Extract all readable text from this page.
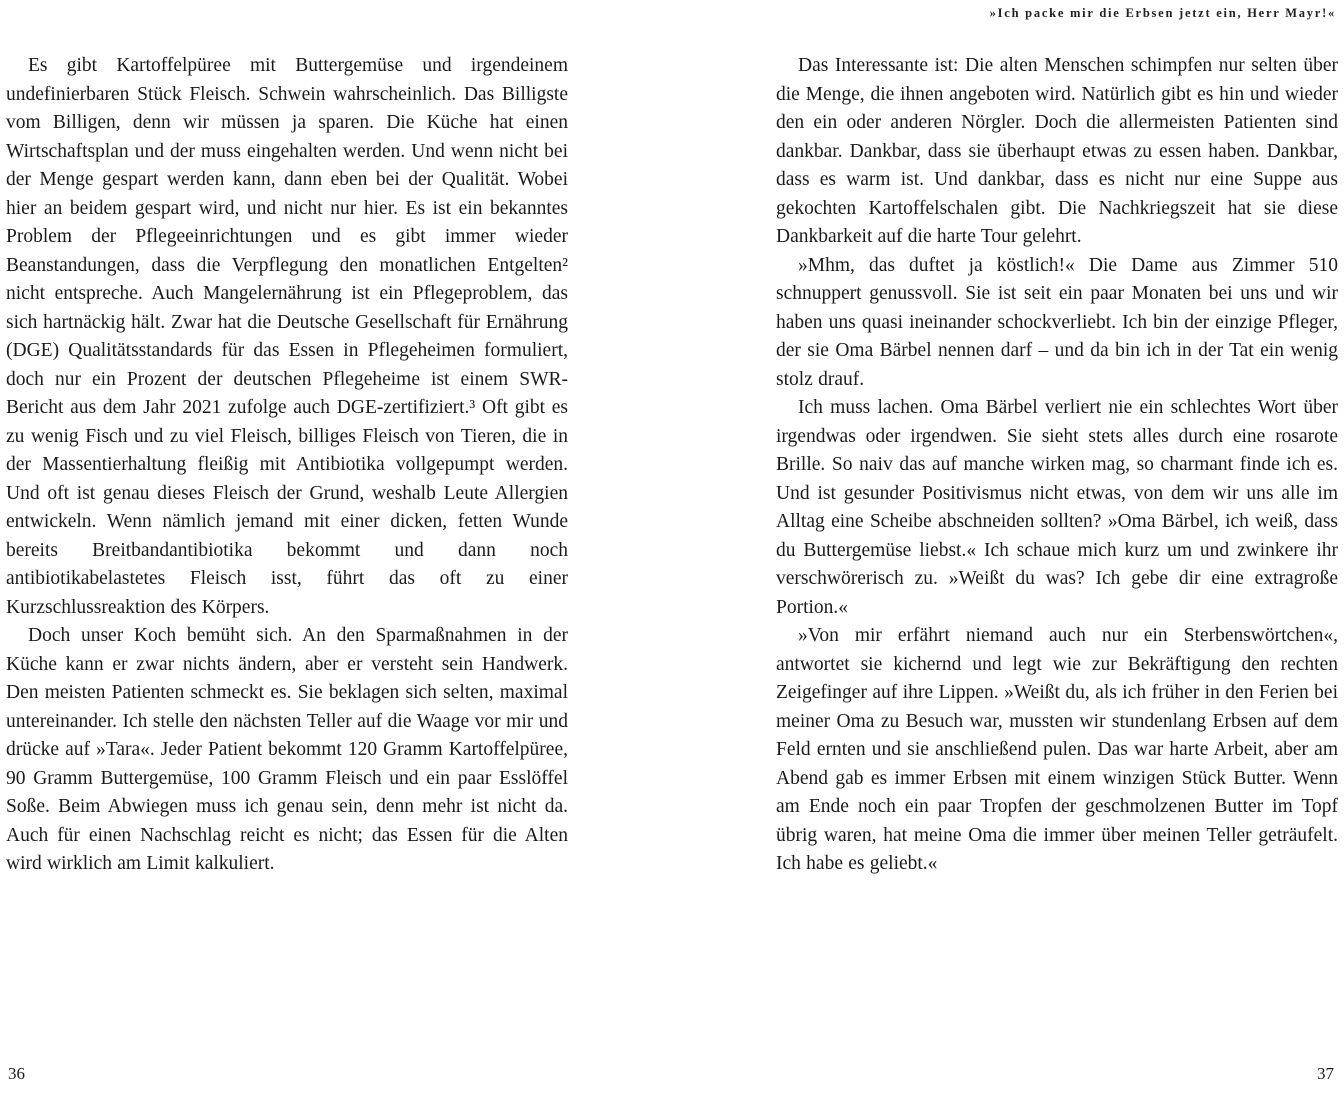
»Ich packe mir die Erbsen jetzt ein, Herr Mayr!«

Es gibt Kartoffelpüree mit Buttergemüse und irgendeinem undefinierbaren Stück Fleisch. Schwein wahrscheinlich. Das Billigste vom Billigen, denn wir müssen ja sparen. Die Küche hat einen Wirtschaftsplan und der muss eingehalten werden. Und wenn nicht bei der Menge gespart werden kann, dann eben bei der Qualität. Wobei hier an beidem gespart wird, und nicht nur hier. Es ist ein bekanntes Problem der Pflegeeinrichtungen und es gibt immer wieder Beanstandungen, dass die Verpflegung den monatlichen Entgelten² nicht entspreche. Auch Mangelernährung ist ein Pflegeproblem, das sich hartnäckig hält. Zwar hat die Deutsche Gesellschaft für Ernährung (DGE) Qualitätsstandards für das Essen in Pflegeheimen formuliert, doch nur ein Prozent der deutschen Pflegeheime ist einem SWR-Bericht aus dem Jahr 2021 zufolge auch DGE-zertifiziert.³ Oft gibt es zu wenig Fisch und zu viel Fleisch, billiges Fleisch von Tieren, die in der Massentierhaltung fleißig mit Antibiotika vollgepumpt werden. Und oft ist genau dieses Fleisch der Grund, weshalb Leute Allergien entwickeln. Wenn nämlich jemand mit einer dicken, fetten Wunde bereits Breitbandantibiotika bekommt und dann noch antibiotikabelastetes Fleisch isst, führt das oft zu einer Kurzschlussreaktion des Körpers.

Doch unser Koch bemüht sich. An den Sparmaßnahmen in der Küche kann er zwar nichts ändern, aber er versteht sein Handwerk. Den meisten Patienten schmeckt es. Sie beklagen sich selten, maximal untereinander. Ich stelle den nächsten Teller auf die Waage vor mir und drücke auf »Tara«. Jeder Patient bekommt 120 Gramm Kartoffelpüree, 90 Gramm Buttergemüse, 100 Gramm Fleisch und ein paar Esslöffel Soße. Beim Abwiegen muss ich genau sein, denn mehr ist nicht da. Auch für einen Nachschlag reicht es nicht; das Essen für die Alten wird wirklich am Limit kalkuliert.

Das Interessante ist: Die alten Menschen schimpfen nur selten über die Menge, die ihnen angeboten wird. Natürlich gibt es hin und wieder den ein oder anderen Nörgler. Doch die allermeisten Patienten sind dankbar. Dankbar, dass sie überhaupt etwas zu essen haben. Dankbar, dass es warm ist. Und dankbar, dass es nicht nur eine Suppe aus gekochten Kartoffelschalen gibt. Die Nachkriegszeit hat sie diese Dankbarkeit auf die harte Tour gelehrt.

»Mhm, das duftet ja köstlich!« Die Dame aus Zimmer 510 schnuppert genussvoll. Sie ist seit ein paar Monaten bei uns und wir haben uns quasi ineinander schockverliebt. Ich bin der einzige Pfleger, der sie Oma Bärbel nennen darf – und da bin ich in der Tat ein wenig stolz drauf.

Ich muss lachen. Oma Bärbel verliert nie ein schlechtes Wort über irgendwas oder irgendwen. Sie sieht stets alles durch eine rosarote Brille. So naiv das auf manche wirken mag, so charmant finde ich es. Und ist gesunder Positivismus nicht etwas, von dem wir uns alle im Alltag eine Scheibe abschneiden sollten? »Oma Bärbel, ich weiß, dass du Buttergemüse liebst.« Ich schaue mich kurz um und zwinkere ihr verschwörerisch zu. »Weißt du was? Ich gebe dir eine extragroße Portion.«

»Von mir erfährt niemand auch nur ein Sterbenswörtchen«, antwortet sie kichernd und legt wie zur Bekräftigung den rechten Zeigefinger auf ihre Lippen. »Weißt du, als ich früher in den Ferien bei meiner Oma zu Besuch war, mussten wir stundenlang Erbsen auf dem Feld ernten und sie anschließend pulen. Das war harte Arbeit, aber am Abend gab es immer Erbsen mit einem winzigen Stück Butter. Wenn am Ende noch ein paar Tropfen der geschmolzenen Butter im Topf übrig waren, hat meine Oma die immer über meinen Teller geträufelt. Ich habe es geliebt.«

36	37
